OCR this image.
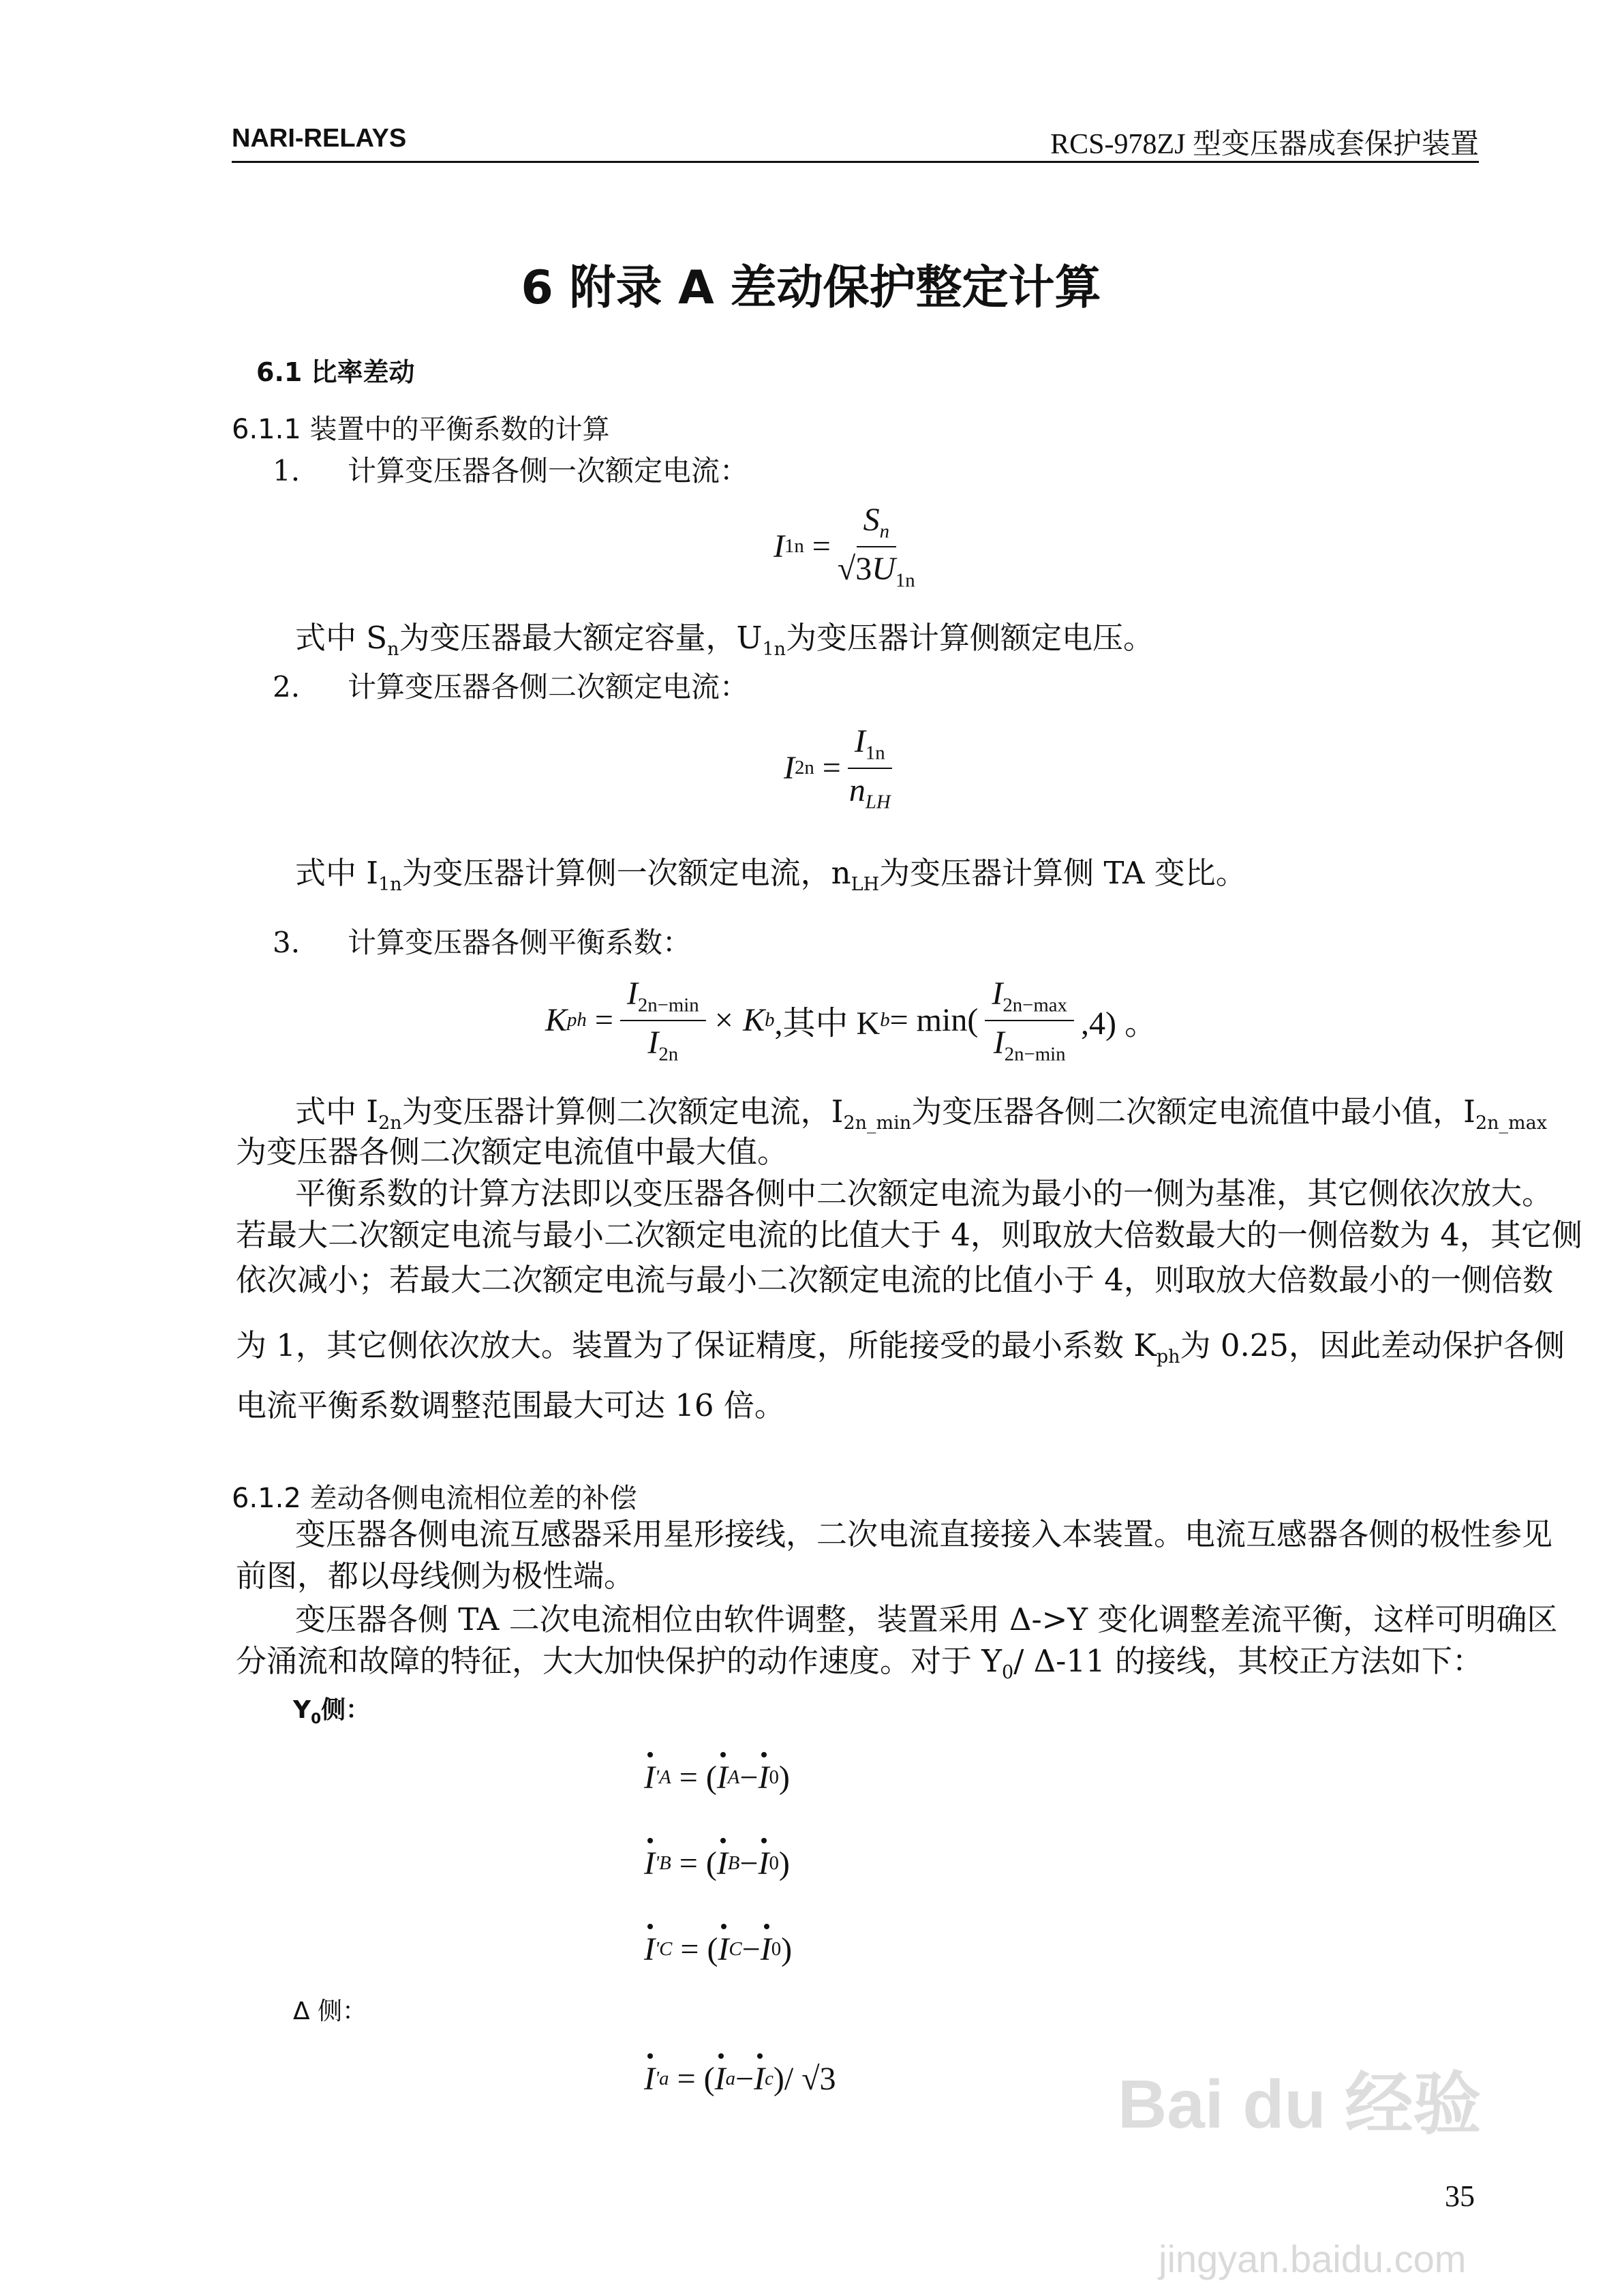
NARI-RELAYS	RCS-978ZJ 型变压器成套保护装置
6 附录 A 差动保护整定计算
6.1 比率差动
6.1.1 装置中的平衡系数的计算
1. 计算变压器各侧一次额定电流：
I $1n = \frac{S_n}{√3U_{1n}}$
式中 $S_n$为变压器最大额定容量，$U_{1n}$为变压器计算侧额定电压。
2. 计算变压器各侧二次额定电流：
I $2n = \frac{I_{1n}}{n_{LH}}$
式中 $I_{1n}$为变压器计算侧一次额定电流，$n_{LH}$为变压器计算侧 TA 变比。
3. 计算变压器各侧平衡系数：
K ph = $\frac{I_{2n-min}}{I_{2n}} \times K$ b ,其中 K $b = \min( \frac{I_{2n-max}}{I_{2n-min}} ,4)$ 。
式中 $I_{2n}$为变压器计算侧二次额定电流，$I_{2n\_min}$为变压器各侧二次额定电流值中最小值，$I_{2n\_max}$
为变压器各侧二次额定电流值中最大值。
平衡系数的计算方法即以变压器各侧中二次额定电流为最小的一侧为基准，其它侧依次放大。
若最大二次额定电流与最小二次额定电流的比值大于 4，则取放大倍数最大的一侧倍数为 4，其它侧
依次减小；若最大二次额定电流与最小二次额定电流的比值小于 4，则取放大倍数最小的一侧倍数
为 1，其它侧依次放大。装置为了保证精度，所能接受的最小系数 $K_{ph}$为 0.25，因此差动保护各侧
电流平衡系数调整范围最大可达 16 倍。
6.1.2 差动各侧电流相位差的补偿
变压器各侧电流互感器采用星形接线，二次电流直接接入本装置。电流互感器各侧的极性参见
前图，都以母线侧为极性端。
变压器各侧 TA 二次电流相位由软件调整，装置采用 Δ->Y 变化调整差流平衡，这样可明确区
分涌流和故障的特征，大大加快保护的动作速度。对于 $Y_0/$ Δ-11 的接线，其校正方法如下：
$Y_0$侧：
I ' A = ( I A − I 0 )
I ' B = ( I B − I 0 )
I ' C = ( I C − I 0 )
Δ 侧：
I ' a = ( I a − I c )/ √3	Bai du 经验
35
jingyan.baidu.com
